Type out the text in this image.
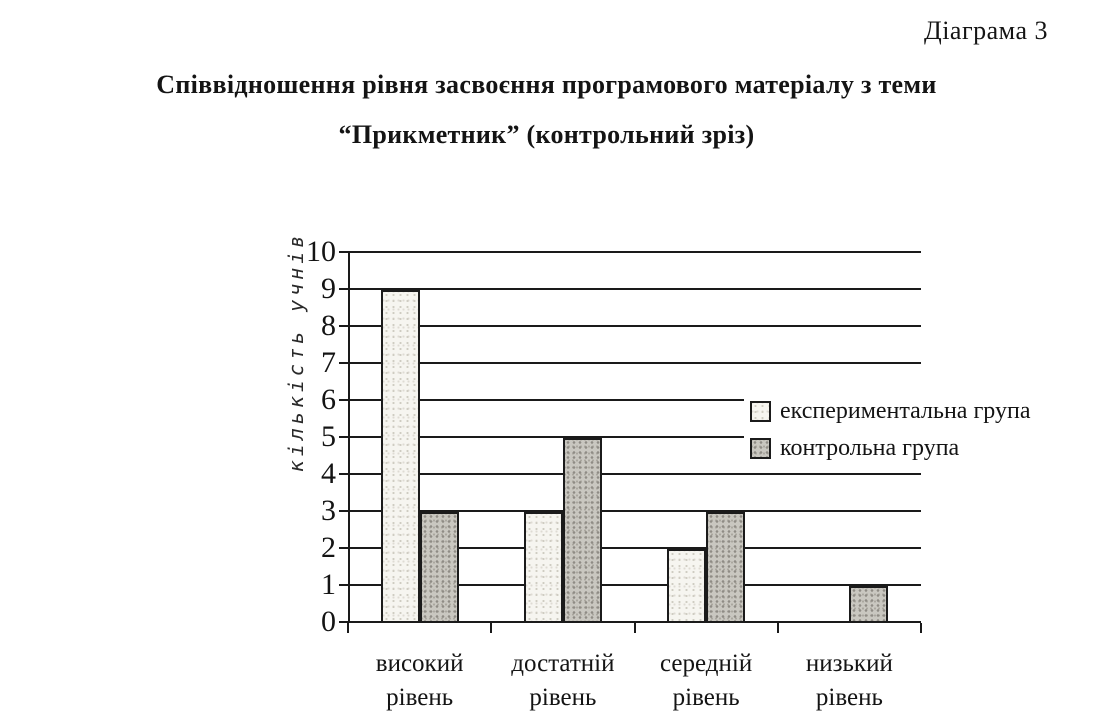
Діаграма 3
Співвідношення рівня засвоєння програмового матеріалу з теми
“Прикметник” (контрольний зріз)
кількість учнів
0
1
2
3
4
5
6
7
8
9
10
високий
рівень
достатній
рівень
середній
рівень
низький
рівень
експериментальна група
контрольна група
